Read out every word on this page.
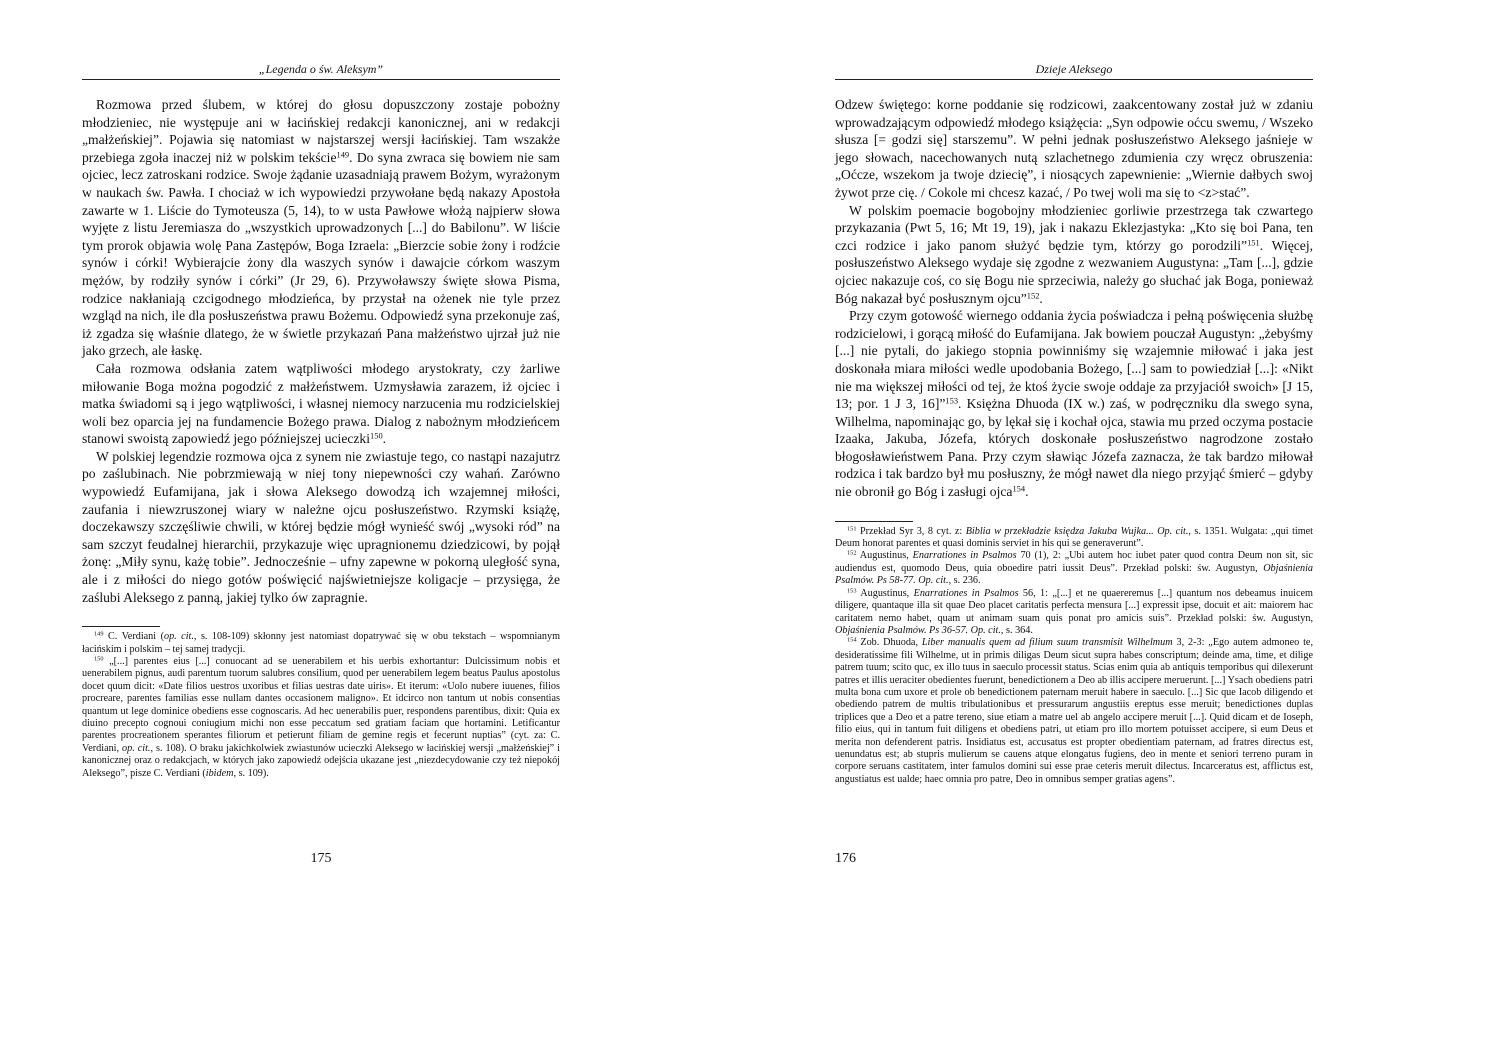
„Legenda o św. Aleksym”

Rozmowa przed ślubem, w której do głosu dopuszczony zostaje pobożny młodzieniec, nie występuje ani w łacińskiej redakcji kanonicznej, ani w redakcji „małżeńskiej”. Pojawia się natomiast w najstarszej wersji łacińskiej. Tam wszakże przebiega zgoła inaczej niż w polskim tekście$^{149}$. Do syna zwraca się bowiem nie sam ojciec, lecz zatroskani rodzice. Swoje żądanie uzasadniają prawem Bożym, wyrażonym w naukach św. Pawła. I chociaż w ich wypowiedzi przywołane będą nakazy Apostoła zawarte w 1. Liście do Tymoteusza (5, 14), to w usta Pawłowe włożą najpierw słowa wyjęte z listu Jeremiasza do „wszystkich uprowadzonych [...] do Babilonu”. W liście tym prorok objawia wolę Pana Zastępów, Boga Izraela: „Bierzcie sobie żony i rodźcie synów i córki! Wybierajcie żony dla waszych synów i dawajcie córkom waszym mężów, by rodziły synów i córki” (Jr 29, 6). Przywoławszy święte słowa Pisma, rodzice nakłaniają czcigodnego młodzieńca, by przystał na ożenek nie tyle przez wzgląd na nich, ile dla posłuszeństwa prawu Bożemu. Odpowiedź syna przekonuje zaś, iż zgadza się właśnie dlatego, że w świetle przykazań Pana małżeństwo ujrzał już nie jako grzech, ale łaskę.

Cała rozmowa odsłania zatem wątpliwości młodego arystokraty, czy żarliwe miłowanie Boga można pogodzić z małżeństwem. Uzmysławia zarazem, iż ojciec i matka świadomi są i jego wątpliwości, i własnej niemocy narzucenia mu rodzicielskiej woli bez oparcia jej na fundamencie Bożego prawa. Dialog z nabożnym młodzieńcem stanowi swoistą zapowiedź jego późniejszej ucieczki$^{150}$.

W polskiej legendzie rozmowa ojca z synem nie zwiastuje tego, co nastąpi nazajutrz po zaślubinach. Nie pobrzmiewają w niej tony niepewności czy wahań. Zarówno wypowiedź Eufamijana, jak i słowa Aleksego dowodzą ich wzajemnej miłości, zaufania i niewzruszonej wiary w należne ojcu posłuszeństwo. Rzymski książę, doczekawszy szczęśliwie chwili, w której będzie mógł wynieść swój „wysoki ród” na sam szczyt feudalnej hierarchii, przykazuje więc upragnionemu dziedzicowi, by pojął żonę: „Miły synu, każę tobie”. Jednocześnie – ufny zapewne w pokorną uległość syna, ale i z miłości do niego gotów poświęcić najświetniejsze koligacje – przysięga, że zaślubi Aleksego z panną, jakiej tylko ów zapragnie.

$^{149}$ C. Verdiani (op. cit., s. 108-109) skłonny jest natomiast dopatrywać się w obu tekstach – wspomnianym łacińskim i polskim – tej samej tradycji.

$^{150}$ „[...] parentes eius [...] conuocant ad se uenerabilem et his uerbis exhortantur: Dulcissimum nobis et uenerabilem pignus, audi parentum tuorum salubres consilium, quod per uenerabilem legem beatus Paulus apostolus docet quum dicit: «Date filios uestros uxoribus et filias uestras date uiris». Et iterum: «Uolo nubere iuuenes, filios procreare, parentes familias esse nullam dantes occasionem maligno». Et idcirco non tantum ut nobis consentias quantum ut lege dominice obediens esse cognoscaris. Ad hec uenerabilis puer, respondens parentibus, dixit: Quia ex diuino precepto cognoui coniugium michi non esse peccatum sed gratiam faciam que hortamini. Letificantur parentes procreationem sperantes filiorum et petierunt filiam de gemine regis et fecerunt nuptias” (cyt. za: C. Verdiani, op. cit., s. 108). O braku jakichkolwiek zwiastunów ucieczki Aleksego w łacińskiej wersji „małżeńskiej” i kanonicznej oraz o redakcjach, w których jako zapowiedź odejścia ukazane jest „niezdecydowanie czy też niepokój Aleksego”, pisze C. Verdiani (ibidem, s. 109).

175
Dzieje Aleksego

Odzew świętego: korne poddanie się rodzicowi, zaakcentowany został już w zdaniu wprowadzającym odpowiedź młodego książęcia: „Syn odpowie oćcu swemu, / Wszeko słusza [= godzi się] starszemu”. W pełni jednak posłuszeństwo Aleksego jaśnieje w jego słowach, nacechowanych nutą szlachetnego zdumienia czy wręcz obruszenia: „Oćcze, wszekom ja twoje dziecię”, i niosących zapewnienie: „Wiernie dałbych swoj żywot prze cię. / Cokole mi chcesz kazać, / Po twej woli ma się to <z>stać”.

W polskim poemacie bogobojny młodzieniec gorliwie przestrzega tak czwartego przykazania (Pwt 5, 16; Mt 19, 19), jak i nakazu Eklezjastyka: „Kto się boi Pana, ten czci rodzice i jako panom służyć będzie tym, którzy go porodzili”$^{151}$. Więcej, posłuszeństwo Aleksego wydaje się zgodne z wezwaniem Augustyna: „Tam [...], gdzie ojciec nakazuje coś, co się Bogu nie sprzeciwia, należy go słuchać jak Boga, ponieważ Bóg nakazał być posłusznym ojcu”$^{152}$.

Przy czym gotowość wiernego oddania życia poświadcza i pełną poświęcenia służbę rodzicielowi, i gorącą miłość do Eufamijana. Jak bowiem pouczał Augustyn: „żebyśmy [...] nie pytali, do jakiego stopnia powinniśmy się wzajemnie miłować i jaka jest doskonała miara miłości wedle upodobania Bożego, [...] sam to powiedział [...]: «Nikt nie ma większej miłości od tej, że ktoś życie swoje oddaje za przyjaciół swoich» [J 15, 13; por. 1 J 3, 16]”$^{153}$. Księżna Dhuoda (IX w.) zaś, w podręczniku dla swego syna, Wilhelma, napominając go, by lękał się i kochał ojca, stawia mu przed oczyma postacie Izaaka, Jakuba, Józefa, których doskonałe posłuszeństwo nagrodzone zostało błogosławieństwem Pana. Przy czym sławiąc Józefa zaznacza, że tak bardzo miłował rodzica i tak bardzo był mu posłuszny, że mógł nawet dla niego przyjąć śmierć – gdyby nie obronił go Bóg i zasługi ojca$^{154}$.

$^{151}$ Przekład Syr 3, 8 cyt. z: Biblia w przekładzie księdza Jakuba Wujka... Op. cit., s. 1351. Wulgata: „qui timet Deum honorat parentes et quasi dominis serviet in his qui se generaverunt”.

$^{152}$ Augustinus, Enarrationes in Psalmos 70 (1), 2: „Ubi autem hoc iubet pater quod contra Deum non sit, sic audiendus est, quomodo Deus, quia oboedire patri iussit Deus”. Przekład polski: św. Augustyn, Objaśnienia Psalmów. Ps 58-77. Op. cit., s. 236.

$^{153}$ Augustinus, Enarrationes in Psalmos 56, 1: „[...] et ne quaereremus [...] quantum nos debeamus inuicem diligere, quantaque illa sit quae Deo placet caritatis perfecta mensura [...] expressit ipse, docuit et ait: maiorem hac caritatem nemo habet, quam ut animam suam quis ponat pro amicis suis”. Przekład polski: św. Augustyn, Objaśnienia Psalmów. Ps 36-57. Op. cit., s. 364.

$^{154}$ Zob. Dhuoda, Liber manualis quem ad filium suum transmisit Wilhelmum 3, 2-3: „Ego autem admoneo te, desideratissime fili Wilhelme, ut in primis diligas Deum sicut supra habes conscriptum; deinde ama, time, et dilige patrem tuum; scito quc, ex illo tuus in saeculo processit status. Scias enim quia ab antiquis temporibus qui dilexerunt patres et illis ueraciter obedientes fuerunt, benedictionem a Deo ab illis accipere meruerunt. [...] Ysach obediens patri multa bona cum uxore et prole ob benedictionem paternam meruit habere in saeculo. [...] Sic que Iacob diligendo et obediendo patrem de multis tribulationibus et pressurarum angustiis ereptus esse meruit; benedictiones duplas triplices que a Deo et a patre tereno, siue etiam a matre uel ab angelo accipere meruit [...]. Quid dicam et de Ioseph, filio eius, qui in tantum fuit diligens et obediens patri, ut etiam pro illo mortem potuisset accipere, si eum Deus et merita non defenderent patris. Insidiatus est, accusatus est propter obedientiam paternam, ad fratres directus est, uenundatus est; ab stupris mulierum se cauens atque elongatus fugiens, deo in mente et seniori terreno puram in corpore seruans castitatem, inter famulos domini sui esse prae ceteris meruit dilectus. Incarceratus est, afflictus est, angustiatus est ualde; haec omnia pro patre, Deo in omnibus semper gratias agens”.

176
